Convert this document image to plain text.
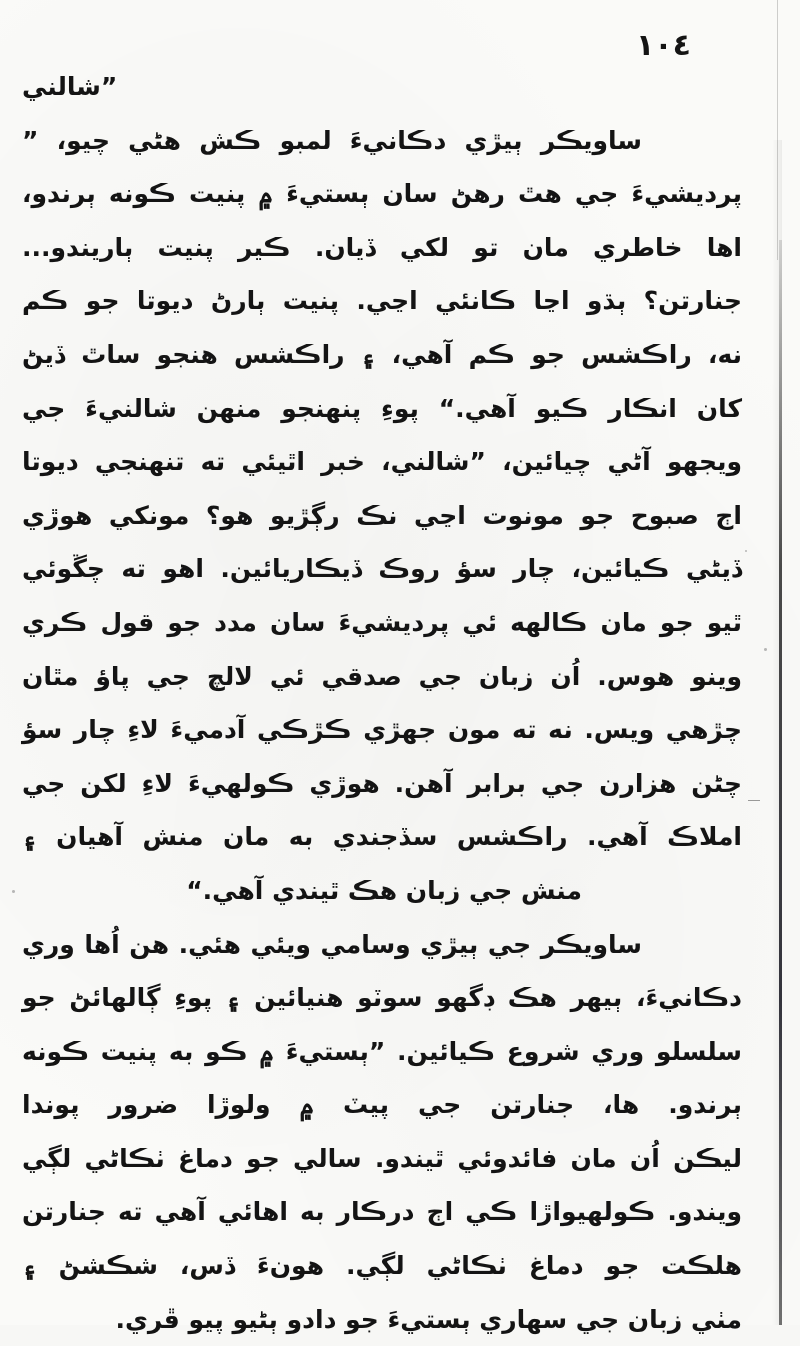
١٠٤
”شالني
ساويڪر ٻيڙي دڪانيءَ لمبو ڪش هڻي چيو، ”
پرديشيءَ جي هٿ رهڻ سان ٻستيءَ ۾ پنيت ڪونه ٻرندو،
اها خاطري مان تو لکي ڏيان. ڪير پنيت ٻاريندو...
جنارتن؟ ٻڌو اڃا ڪانئي اڃي. پنيت ٻارڻ ديوتا جو ڪم
نه، راڪشس جو ڪم آهي، ۽ راڪشس هنجو ساٿ ڏيڻ
کان انڪار ڪيو آهي.“ پوءِ پنهنجو منهن شالنيءَ جي
ويجهو آڻي چيائين، ”شالني، خبر اٿيئي ته تنهنجي ديوتا
اڄ صبوح جو مونوت اڃي نڪ رڳڙيو هو؟ مونکي هوڙي
ڏيڻي ڪيائين، چار سؤ روڪ ڏيڪاريائين. اهو ته چڱوئي
ٿيو جو مان ڪالهه ئي پرديشيءَ سان مدد جو قول ڪري
وينو هوس. اُن زبان جي صدقي ئي لالچ جي پاؤ مٿان
چڙهي ويس. نه ته مون جهڙي ڪڙڪي آدميءَ لاءِ چار سؤ
چڻن هزارن جي برابر آهن. هوڙي ڪولهيءَ لاءِ لکن جي
املاڪ آهي. راڪشس سڏجندي به مان منش آهيان ۽
منش جي زبان هڪ ٿيندي آهي.“
ساويڪر جي ٻيڙي وسامي ويئي هئي. هن اُها وري
دڪانيءَ، ٻيهر هڪ ڊگهو سوٽو هنيائين ۽ پوءِ ڳالهائڻ جو
سلسلو وري شروع ڪيائين. ”ٻستيءَ ۾ ڪو به پنيت ڪونه
ٻرندو. ها، جنارتن جي پيٽ ۾ ولوڙا ضرور پوندا
ليڪن اُن مان فائدوئي ٿيندو. سالي جو دماغ ٺڪاڻي لڳي
ويندو. ڪولهيواڙا ڪي اڄ درڪار به اهائي آهي ته جنارتن
هلڪت جو دماغ ٺڪاڻي لڳي. هونءَ ڏس، شڪشڻ ۽
مٺي زبان جي سهاري ٻستيءَ جو دادو ٻڻيو پيو ڦري.
